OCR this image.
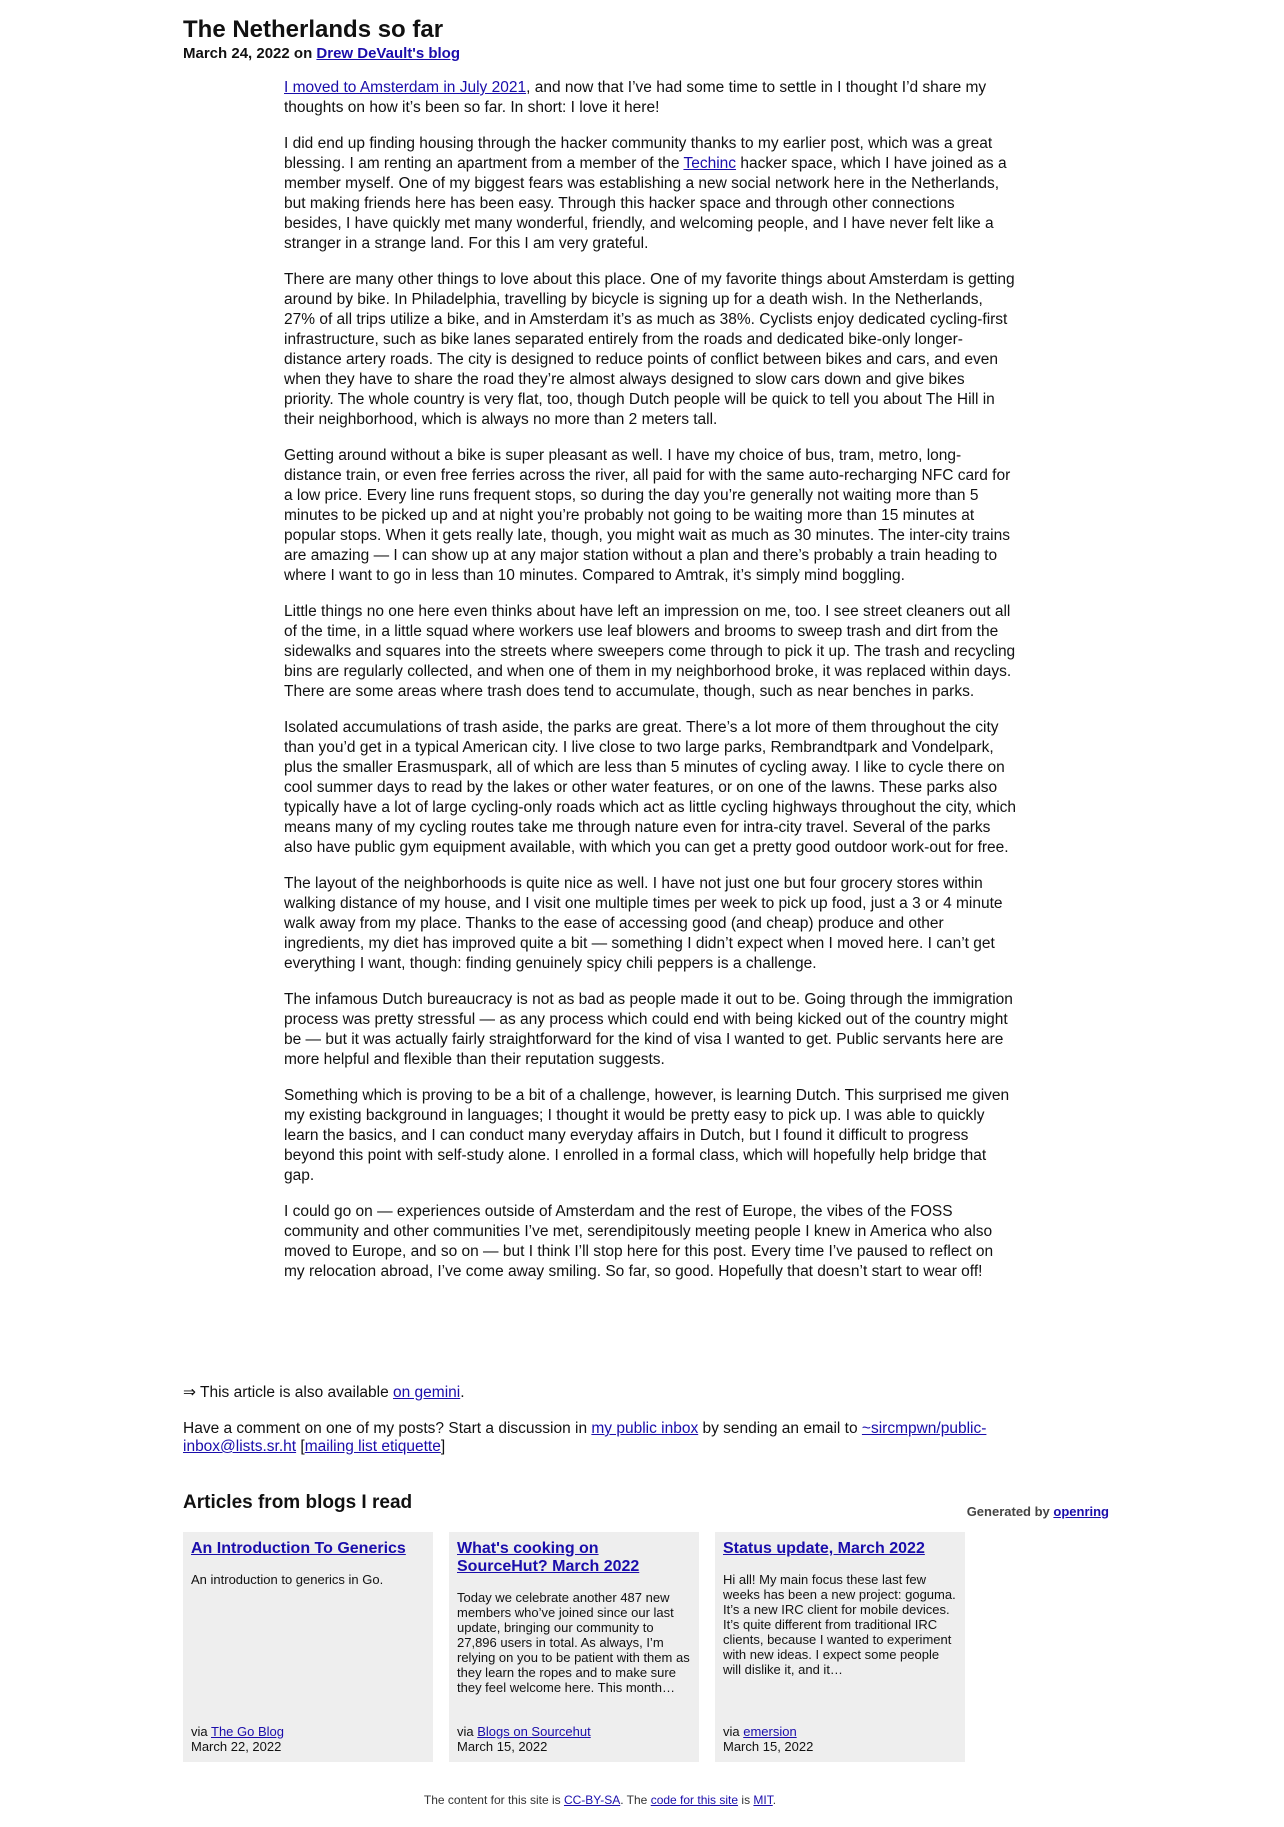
The Netherlands so far
March 24, 2022 on Drew DeVault's blog

I moved to Amsterdam in July 2021, and now that I’ve had some time to settle in I thought I’d share my thoughts on how it’s been so far. In short: I love it here!

I did end up finding housing through the hacker community thanks to my earlier post, which was a great blessing. I am renting an apartment from a member of the Techinc hacker space, which I have joined as a member myself. One of my biggest fears was establishing a new social network here in the Netherlands, but making friends here has been easy. Through this hacker space and through other connections besides, I have quickly met many wonderful, friendly, and welcoming people, and I have never felt like a stranger in a strange land. For this I am very grateful.

There are many other things to love about this place. One of my favorite things about Amsterdam is getting around by bike. In Philadelphia, travelling by bicycle is signing up for a death wish. In the Netherlands, 27% of all trips utilize a bike, and in Amsterdam it’s as much as 38%. Cyclists enjoy dedicated cycling-first infrastructure, such as bike lanes separated entirely from the roads and dedicated bike-only longer-distance artery roads. The city is designed to reduce points of conflict between bikes and cars, and even when they have to share the road they’re almost always designed to slow cars down and give bikes priority. The whole country is very flat, too, though Dutch people will be quick to tell you about The Hill in their neighborhood, which is always no more than 2 meters tall.

Getting around without a bike is super pleasant as well. I have my choice of bus, tram, metro, long-distance train, or even free ferries across the river, all paid for with the same auto-recharging NFC card for a low price. Every line runs frequent stops, so during the day you’re generally not waiting more than 5 minutes to be picked up and at night you’re probably not going to be waiting more than 15 minutes at popular stops. When it gets really late, though, you might wait as much as 30 minutes. The inter-city trains are amazing — I can show up at any major station without a plan and there’s probably a train heading to where I want to go in less than 10 minutes. Compared to Amtrak, it’s simply mind boggling.

Little things no one here even thinks about have left an impression on me, too. I see street cleaners out all of the time, in a little squad where workers use leaf blowers and brooms to sweep trash and dirt from the sidewalks and squares into the streets where sweepers come through to pick it up. The trash and recycling bins are regularly collected, and when one of them in my neighborhood broke, it was replaced within days. There are some areas where trash does tend to accumulate, though, such as near benches in parks.

Isolated accumulations of trash aside, the parks are great. There’s a lot more of them throughout the city than you’d get in a typical American city. I live close to two large parks, Rembrandtpark and Vondelpark, plus the smaller Erasmuspark, all of which are less than 5 minutes of cycling away. I like to cycle there on cool summer days to read by the lakes or other water features, or on one of the lawns. These parks also typically have a lot of large cycling-only roads which act as little cycling highways throughout the city, which means many of my cycling routes take me through nature even for intra-city travel. Several of the parks also have public gym equipment available, with which you can get a pretty good outdoor work-out for free.

The layout of the neighborhoods is quite nice as well. I have not just one but four grocery stores within walking distance of my house, and I visit one multiple times per week to pick up food, just a 3 or 4 minute walk away from my place. Thanks to the ease of accessing good (and cheap) produce and other ingredients, my diet has improved quite a bit — something I didn’t expect when I moved here. I can’t get everything I want, though: finding genuinely spicy chili peppers is a challenge.

The infamous Dutch bureaucracy is not as bad as people made it out to be. Going through the immigration process was pretty stressful — as any process which could end with being kicked out of the country might be — but it was actually fairly straightforward for the kind of visa I wanted to get. Public servants here are more helpful and flexible than their reputation suggests.

Something which is proving to be a bit of a challenge, however, is learning Dutch. This surprised me given my existing background in languages; I thought it would be pretty easy to pick up. I was able to quickly learn the basics, and I can conduct many everyday affairs in Dutch, but I found it difficult to progress beyond this point with self-study alone. I enrolled in a formal class, which will hopefully help bridge that gap.

I could go on — experiences outside of Amsterdam and the rest of Europe, the vibes of the FOSS community and other communities I’ve met, serendipitously meeting people I knew in America who also moved to Europe, and so on — but I think I’ll stop here for this post. Every time I’ve paused to reflect on my relocation abroad, I’ve come away smiling. So far, so good. Hopefully that doesn’t start to wear off!

⇒ This article is also available on gemini.

Have a comment on one of my posts? Start a discussion in my public inbox by sending an email to ~sircmpwn/public-inbox@lists.sr.ht [mailing list etiquette]

Articles from blogs I read	Generated by openring
An Introduction To Generics

An introduction to generics in Go.

via The Go Blog
March 22, 2022
What's cooking on SourceHut? March 2022

Today we celebrate another 487 new members who’ve joined since our last update, bringing our community to 27,896 users in total. As always, I’m relying on you to be patient with them as they learn the ropes and to make sure they feel welcome here. This month…

via Blogs on Sourcehut
March 15, 2022
Status update, March 2022

Hi all! My main focus these last few weeks has been a new project: goguma. It’s a new IRC client for mobile devices. It’s quite different from traditional IRC clients, because I wanted to experiment with new ideas. I expect some people will dislike it, and it…

via emersion
March 15, 2022
The content for this site is CC-BY-SA. The code for this site is MIT.
